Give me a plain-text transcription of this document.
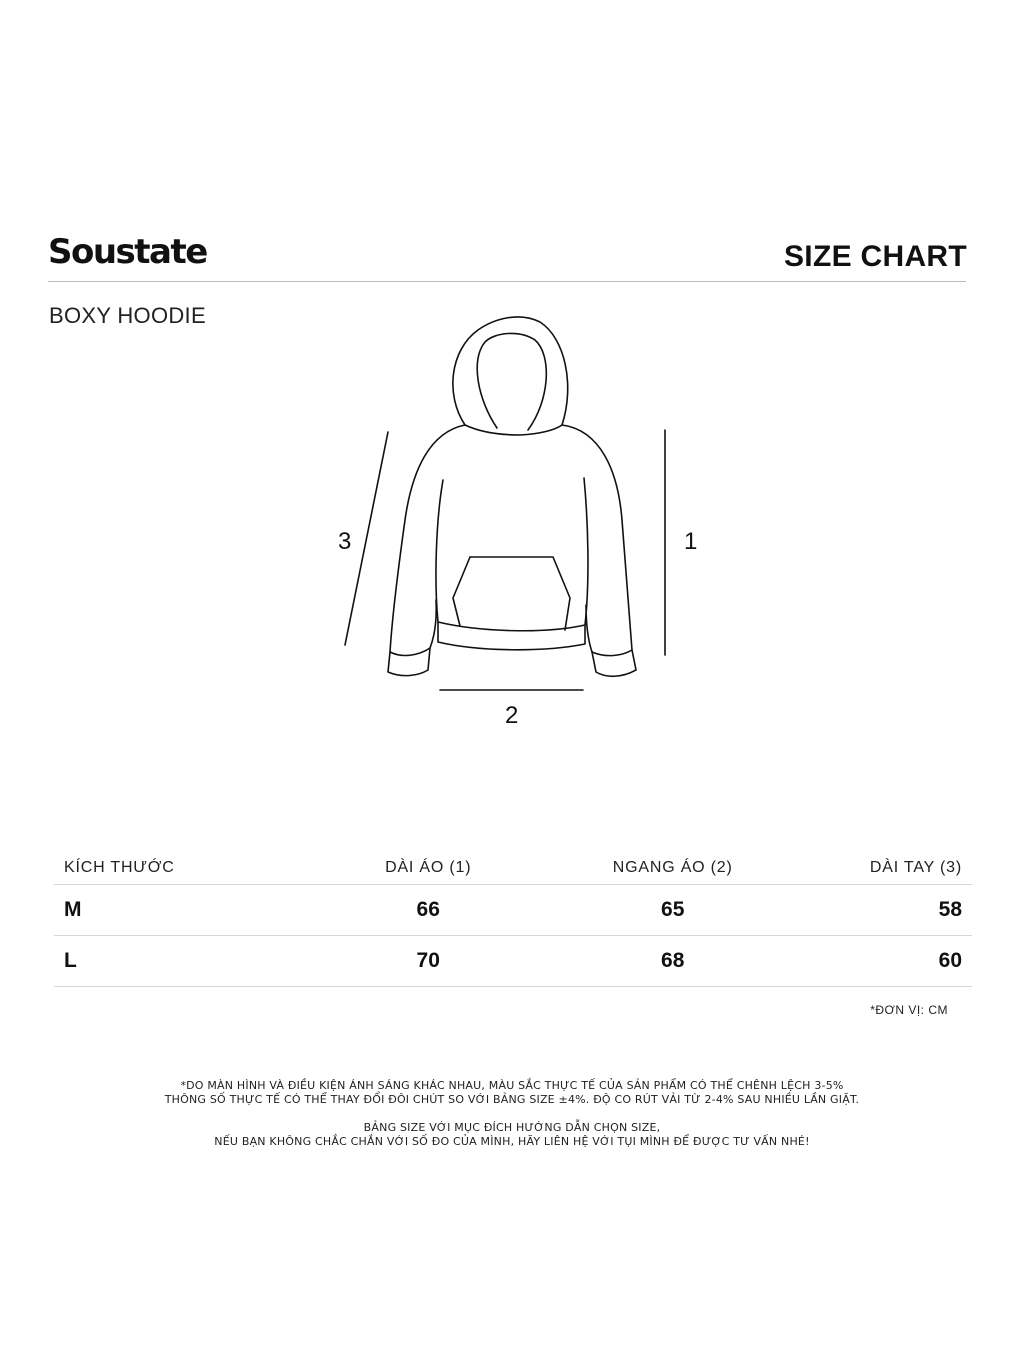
Soustate	SIZE CHART
BOXY HOODIE
1
2
3
KÍCH THƯỚC	DÀI ÁO (1)	NGANG ÁO (2)	DÀI TAY (3)
M	66	65	58
L	70	68	60
*ĐƠN VỊ: CM
*DO MÀN HÌNH VÀ ĐIỀU KIỆN ÁNH SÁNG KHÁC NHAU, MÀU SẮC THỰC TẾ CỦA SẢN PHẨM CÓ THỂ CHÊNH LỆCH 3-5%
THÔNG SỐ THỰC TẾ CÓ THỂ THAY ĐỔI ĐÔI CHÚT SO VỚI BẢNG SIZE ±4%. ĐỘ CO RÚT VẢI TỪ 2-4% SAU NHIỀU LẦN GIẶT.
BẢNG SIZE VỚI MỤC ĐÍCH HƯỚNG DẪN CHỌN SIZE,
NẾU BẠN KHÔNG CHẮC CHẮN VỚI SỐ ĐO CỦA MÌNH, HÃY LIÊN HỆ VỚI TỤI MÌNH ĐỂ ĐƯỢC TƯ VẤN NHÉ!
